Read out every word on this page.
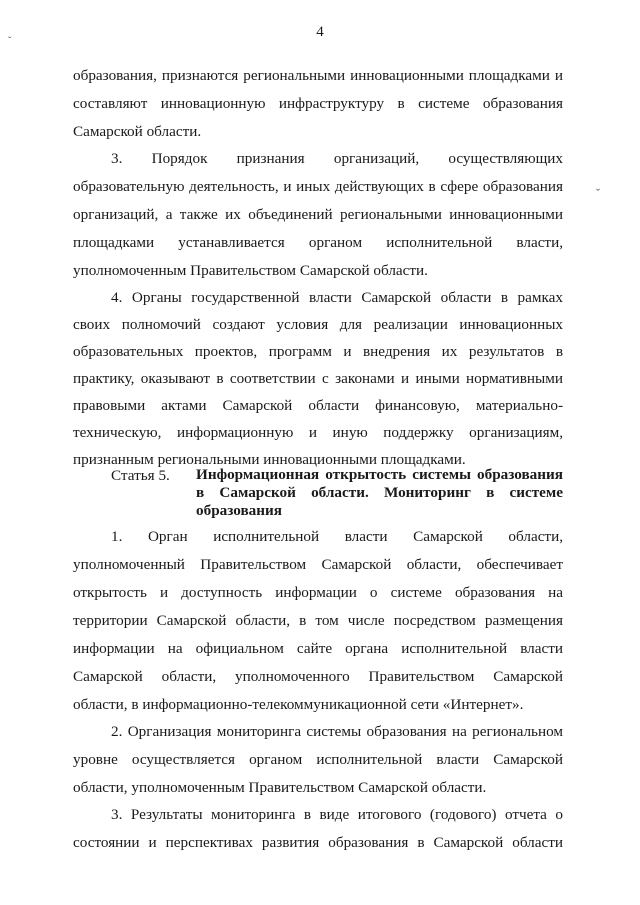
4
образования, признаются региональными инновационными площадками и
составляют инновационную инфраструктуру в системе образования
Самарской области.
3. Порядок признания организаций, осуществляющих
образовательную деятельность, и иных действующих в сфере образования
организаций, а также их объединений региональными инновационными
площадками устанавливается органом исполнительной власти,
уполномоченным Правительством Самарской области.
4. Органы государственной власти Самарской области в рамках
своих полномочий создают условия для реализации инновационных
образовательных проектов, программ и внедрения их результатов в
практику, оказывают в соответствии с законами и иными нормативными
правовыми актами Самарской области финансовую, материально-
техническую, информационную и иную поддержку организациям,
признанным региональными инновационными площадками.
Статья 5. Информационная открытость системы образования
в Самарской области. Мониторинг в системе
образования
1. Орган исполнительной власти Самарской области,
уполномоченный Правительством Самарской области, обеспечивает
открытость и доступность информации о системе образования на
территории Самарской области, в том числе посредством размещения
информации на официальном сайте органа исполнительной власти
Самарской области, уполномоченного Правительством Самарской
области, в информационно-телекоммуникационной сети «Интернет».
2. Организация мониторинга системы образования на региональном
уровне осуществляется органом исполнительной власти Самарской
области, уполномоченным Правительством Самарской области.
3. Результаты мониторинга в виде итогового (годового) отчета о
состоянии и перспективах развития образования в Самарской области
ˇ
ˇ
